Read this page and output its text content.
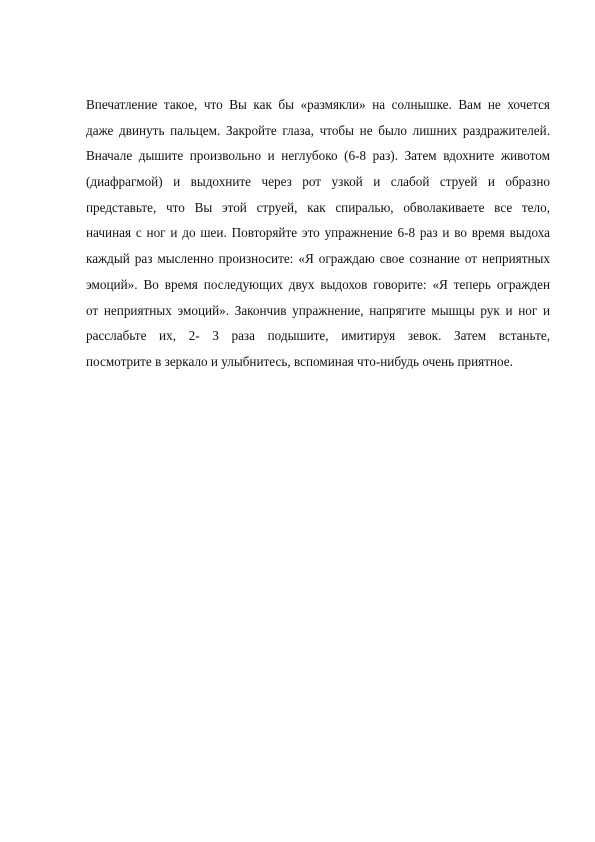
Впечатление такое, что Вы как бы «размякли» на солнышке. Вам не хочется
даже двинуть пальцем. Закройте глаза, чтобы не было лишних раздражителей.
Вначале дышите произвольно и неглубоко (6-8 раз). Затем вдохните животом
(диафрагмой) и выдохните через рот узкой и слабой струей и образно
представьте, что Вы этой струей, как спиралью, обволакиваете все тело,
начиная с ног и до шеи. Повторяйте это упражнение 6-8 раз и во время выдоха
каждый раз мысленно произносите: «Я ограждаю свое сознание от неприятных
эмоций». Во время последующих двух выдохов говорите: «Я теперь огражден
от неприятных эмоций». Закончив упражнение, напрягите мышцы рук и ног и
расслабьте их, 2- 3 раза подышите, имитируя зевок. Затем встаньте,
посмотрите в зеркало и улыбнитесь, вспоминая что-нибудь очень приятное.
